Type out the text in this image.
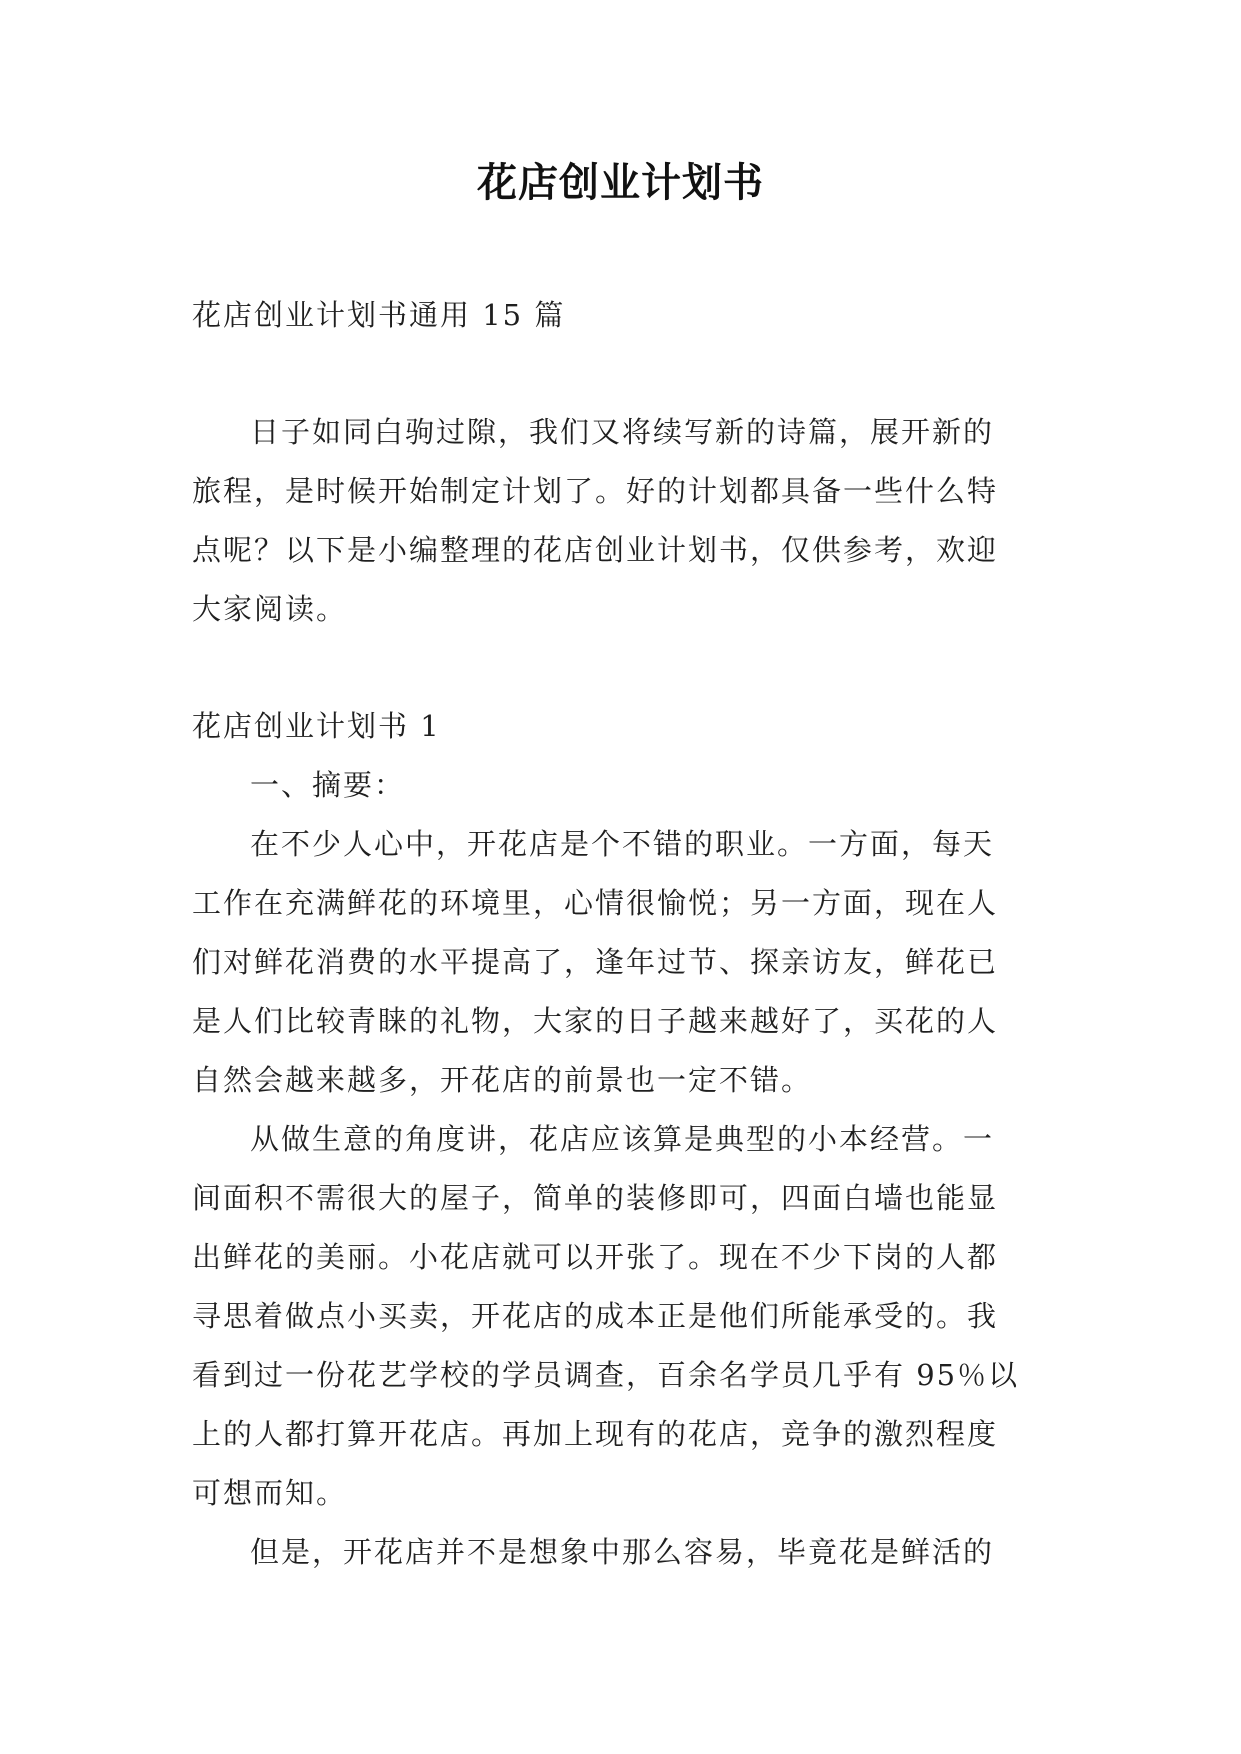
花店创业计划书
花店创业计划书通用 15 篇
日子如同白驹过隙，我们又将续写新的诗篇，展开新的
旅程，是时候开始制定计划了。好的计划都具备一些什么特
点呢？以下是小编整理的花店创业计划书，仅供参考，欢迎
大家阅读。
花店创业计划书 1
一、摘要：
在不少人心中，开花店是个不错的职业。一方面，每天
工作在充满鲜花的环境里，心情很愉悦；另一方面，现在人
们对鲜花消费的水平提高了，逢年过节、探亲访友，鲜花已
是人们比较青睐的礼物，大家的日子越来越好了，买花的人
自然会越来越多，开花店的前景也一定不错。
从做生意的角度讲，花店应该算是典型的小本经营。一
间面积不需很大的屋子，简单的装修即可，四面白墙也能显
出鲜花的美丽。小花店就可以开张了。现在不少下岗的人都
寻思着做点小买卖，开花店的成本正是他们所能承受的。我
看到过一份花艺学校的学员调查，百余名学员几乎有 95％以
上的人都打算开花店。再加上现有的花店，竞争的激烈程度
可想而知。
但是，开花店并不是想象中那么容易，毕竟花是鲜活的
